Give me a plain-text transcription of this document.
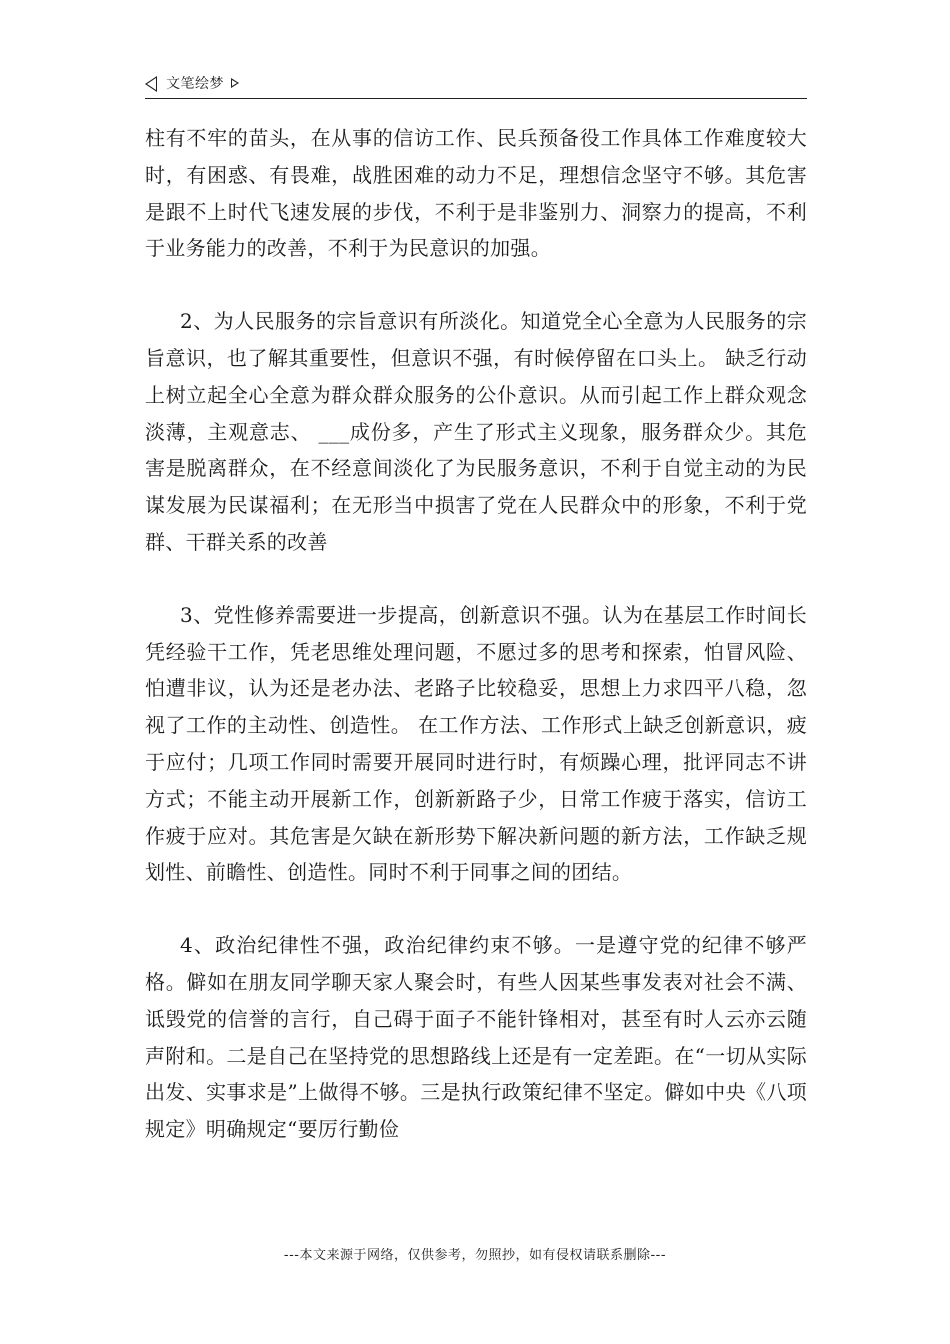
文笔绘梦

柱有不牢的苗头，在从事的信访工作、民兵预备役工作具体工作难度较大时，有困惑、有畏难，战胜困难的动力不足，理想信念坚守不够。其危害是跟不上时代飞速发展的步伐，不利于是非鉴别力、洞察力的提高，不利于业务能力的改善，不利于为民意识的加强。

2、为人民服务的宗旨意识有所淡化。知道党全心全意为人民服务的宗旨意识，也了解其重要性，但意识不强，有时候停留在口头上。 缺乏行动上树立起全心全意为群众群众服务的公仆意识。从而引起工作上群众观念淡薄，主观意志、 ___成份多，产生了形式主义现象，服务群众少。其危害是脱离群众，在不经意间淡化了为民服务意识，不利于自觉主动的为民谋发展为民谋福利；在无形当中损害了党在人民群众中的形象，不利于党群、干群关系的改善

3、党性修养需要进一步提高，创新意识不强。认为在基层工作时间长凭经验干工作，凭老思维处理问题，不愿过多的思考和探索，怕冒风险、怕遭非议，认为还是老办法、老路子比较稳妥，思想上力求四平八稳，忽视了工作的主动性、创造性。 在工作方法、工作形式上缺乏创新意识，疲于应付；几项工作同时需要开展同时进行时，有烦躁心理，批评同志不讲方式；不能主动开展新工作，创新新路子少，日常工作疲于落实，信访工作疲于应对。其危害是欠缺在新形势下解决新问题的新方法，工作缺乏规划性、前瞻性、创造性。同时不利于同事之间的团结。

4、政治纪律性不强，政治纪律约束不够。一是遵守党的纪律不够严格。僻如在朋友同学聊天家人聚会时，有些人因某些事发表对社会不满、诋毁党的信誉的言行，自己碍于面子不能针锋相对，甚至有时人云亦云随声附和。二是自己在坚持党的思想路线上还是有一定差距。在“一切从实际出发、实事求是”上做得不够。三是执行政策纪律不坚定。僻如中央《八项规定》明确规定“要厉行勤俭

---本文来源于网络，仅供参考，勿照抄，如有侵权请联系删除---
